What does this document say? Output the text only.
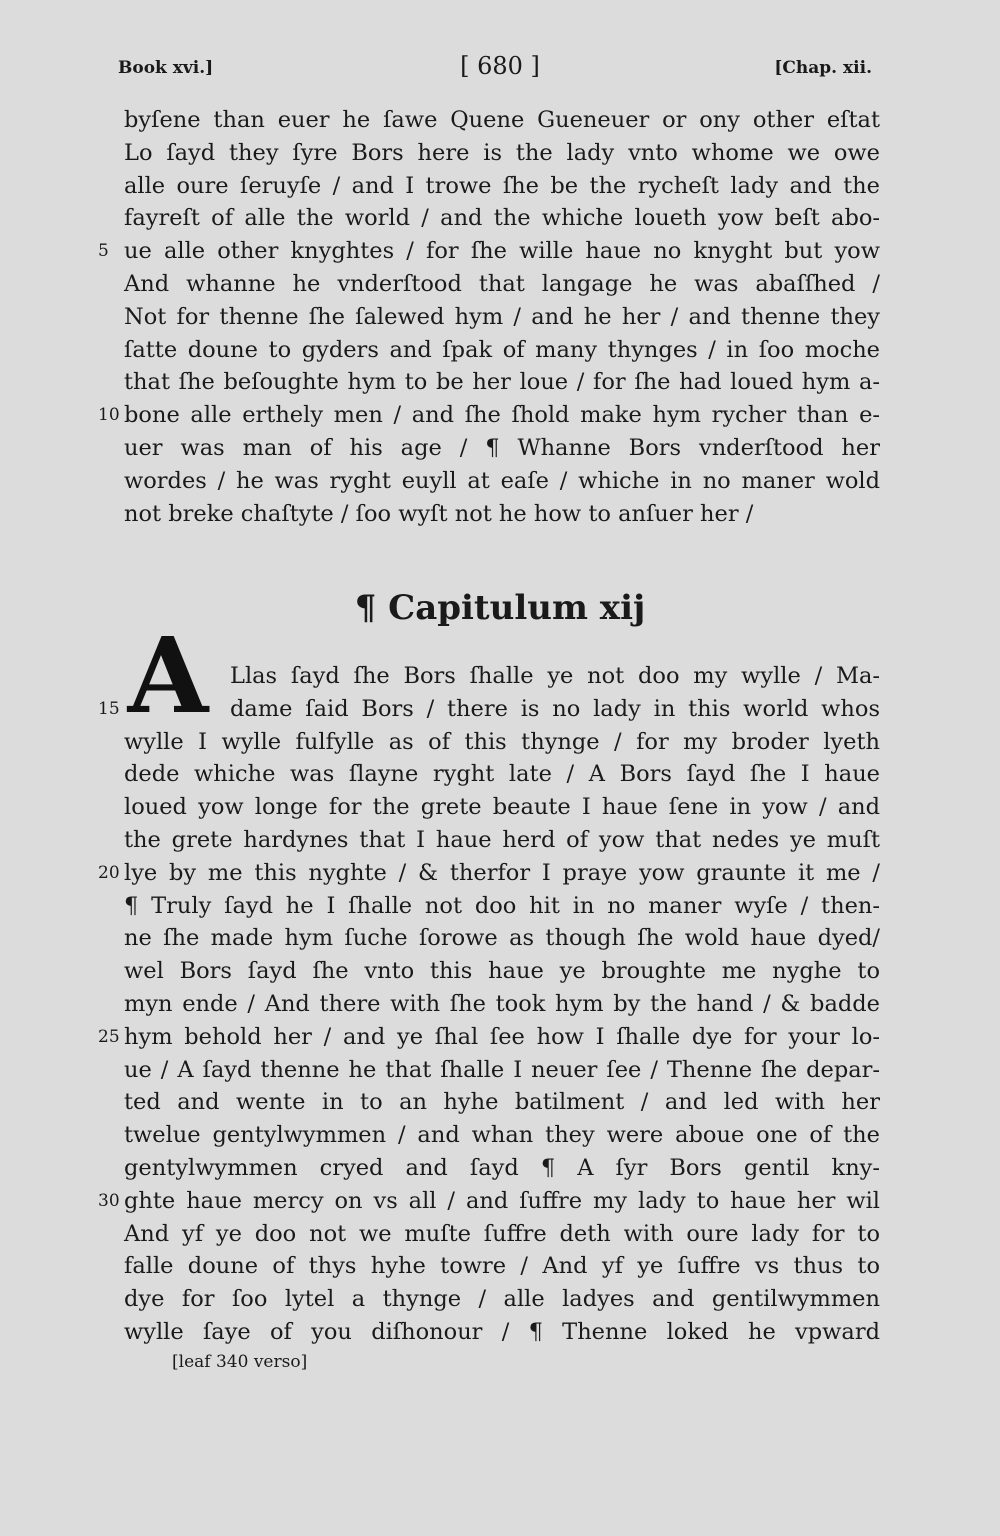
Book xvi.]	[ 680 ]	[Chap. xii.
byſene than euer he ſawe Quene Gueneuer or ony other eſtat
Lo ſayd they ſyre Bors here is the lady vnto whome we owe
alle oure ſeruyſe / and I trowe ſhe be the rycheſt lady and the
fayreſt of alle the world / and the whiche loueth yow beſt abo-
ue alle other knyghtes / for ſhe wille haue no knyght but yow
5
And whanne he vnderſtood that langage he was abaſſhed /
Not for thenne ſhe ſalewed hym / and he her / and thenne they
ſatte doune to gyders and ſpak of many thynges / in ſoo moche
that ſhe beſoughte hym to be her loue / for ſhe had loued hym a-
bone alle erthely men / and ſhe ſhold make hym rycher than e-
10
uer was man of his age / ¶ Whanne Bors vnderſtood her
wordes / he was ryght euyll at eaſe / whiche in no maner wold
not breke chaſtyte / ſoo wyſt not he how to anſuer her /
¶ Capitulum xij
A Llas ſayd ſhe Bors ſhalle ye not doo my wylle / Ma-
dame ſaid Bors / there is no lady in this world whos
15
wylle I wylle fulfylle as of this thynge / for my broder lyeth
dede whiche was ſlayne ryght late / A Bors ſayd ſhe I haue
loued yow longe for the grete beaute I haue ſene in yow / and
the grete hardynes that I haue herd of yow that nedes ye muſt
lye by me this nyghte / & therfor I praye yow graunte it me /
20
¶ Truly ſayd he I ſhalle not doo hit in no maner wyſe / then-
ne ſhe made hym ſuche ſorowe as though ſhe wold haue dyed/
wel Bors ſayd ſhe vnto this haue ye broughte me nyghe to
myn ende / And there with ſhe took hym by the hand / & badde
hym behold her / and ye ſhal ſee how I ſhalle dye for your lo-
25
ue / A ſayd thenne he that ſhalle I neuer ſee / Thenne ſhe depar-
ted and wente in to an hyhe batilment / and led with her
twelue gentylwymmen / and whan they were aboue one of the
gentylwymmen cryed and ſayd ¶ A ſyr Bors gentil kny-
ghte haue mercy on vs all / and ſuffre my lady to haue her wil
30
And yf ye doo not we muſte ſuffre deth with oure lady for to
falle doune of thys hyhe towre / And yf ye ſuffre vs thus to
dye for ſoo lytel a thynge / alle ladyes and gentilwymmen
wylle ſaye of you diſhonour / ¶ Thenne loked he vpward
[leaf 340 verso]
